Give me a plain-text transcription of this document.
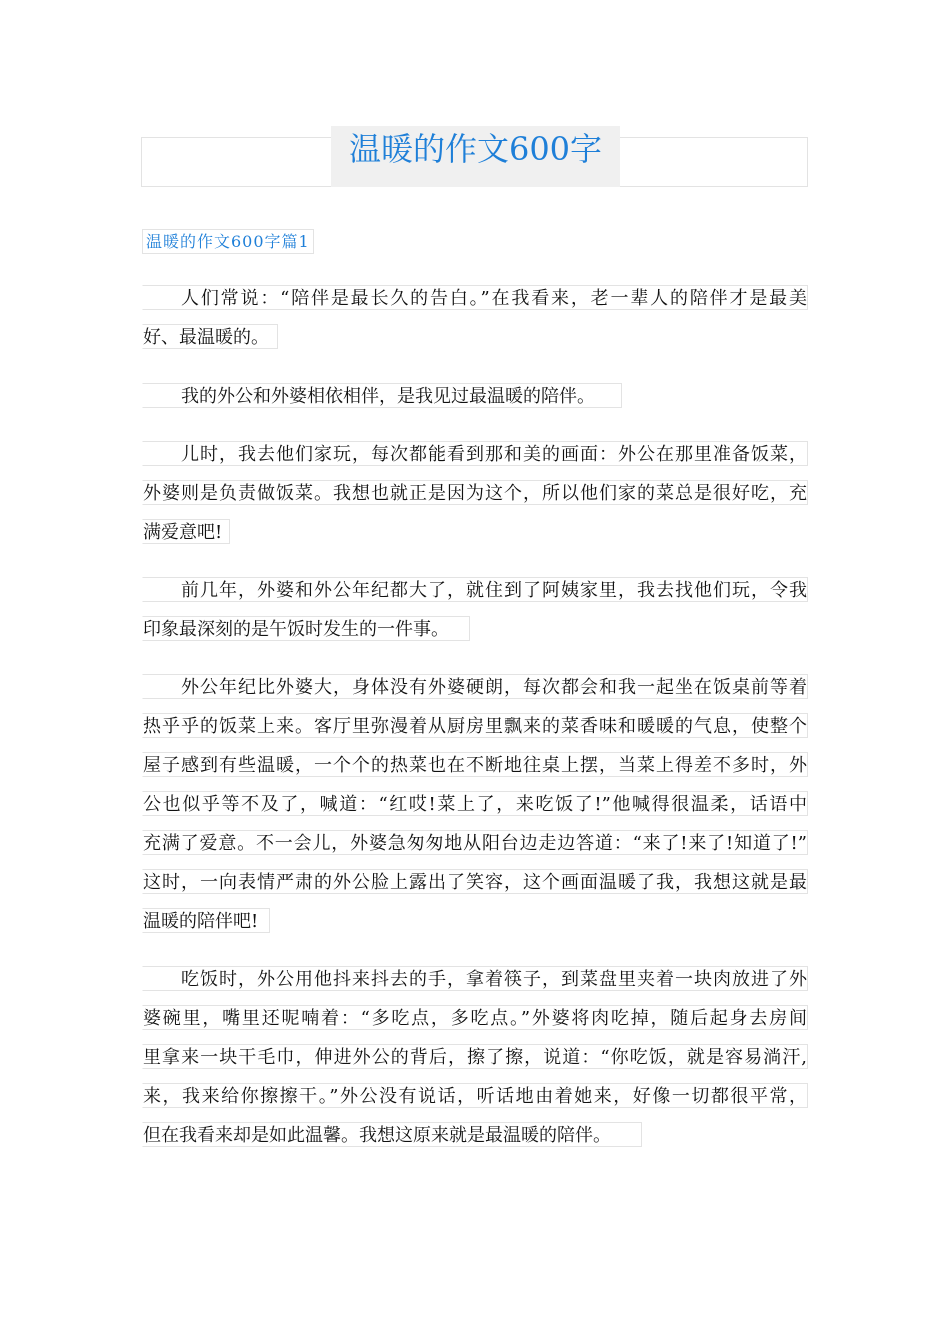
温暖的作文600字
温暖的作文600字篇1
人们常说：“陪伴是最长久的告白。”在我看来，老一辈人的陪伴才是最美
好、最温暖的。
我的外公和外婆相依相伴，是我见过最温暖的陪伴。
儿时，我去他们家玩，每次都能看到那和美的画面：外公在那里准备饭菜，
外婆则是负责做饭菜。我想也就正是因为这个，所以他们家的菜总是很好吃，充
满爱意吧!
前几年，外婆和外公年纪都大了，就住到了阿姨家里，我去找他们玩，令我
印象最深刻的是午饭时发生的一件事。
外公年纪比外婆大，身体没有外婆硬朗，每次都会和我一起坐在饭桌前等着
热乎乎的饭菜上来。客厅里弥漫着从厨房里飘来的菜香味和暖暖的气息，使整个
屋子感到有些温暖，一个个的热菜也在不断地往桌上摆，当菜上得差不多时，外
公也似乎等不及了，喊道：“红哎!菜上了，来吃饭了!”他喊得很温柔，话语中
充满了爱意。不一会儿，外婆急匆匆地从阳台边走边答道：“来了!来了!知道了!”
这时，一向表情严肃的外公脸上露出了笑容，这个画面温暖了我，我想这就是最
温暖的陪伴吧!
吃饭时，外公用他抖来抖去的手，拿着筷子，到菜盘里夹着一块肉放进了外
婆碗里，嘴里还呢喃着：“多吃点，多吃点。”外婆将肉吃掉，随后起身去房间
里拿来一块干毛巾，伸进外公的背后，擦了擦，说道：“你吃饭，就是容易淌汗,
来，我来给你擦擦干。”外公没有说话，听话地由着她来，好像一切都很平常，
但在我看来却是如此温馨。我想这原来就是最温暖的陪伴。
